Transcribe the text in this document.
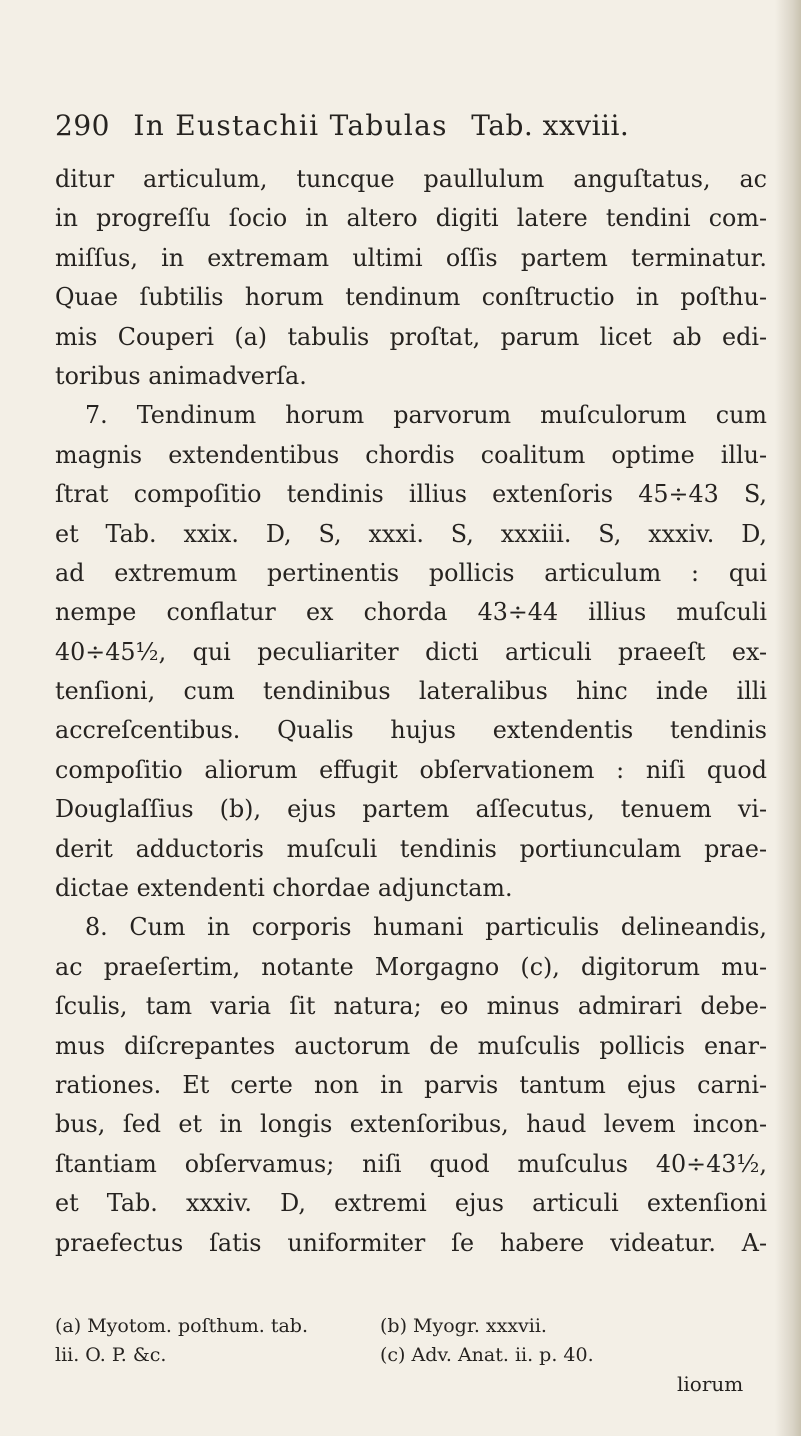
290 In Eustachii Tabulas Tab. xxviii.
ditur articulum, tuncque paullulum anguſtatus, ac
in progreſſu ſocio in altero digiti latere tendini com-
miſſus, in extremam ultimi oſſis partem terminatur.
Quae ſubtilis horum tendinum conſtructio in poſthu-
mis Couperi (a) tabulis proſtat, parum licet ab edi-
toribus animadverſa.
7. Tendinum horum parvorum muſculorum cum
magnis extendentibus chordis coalitum optime illu-
ſtrat compoſitio tendinis illius extenſoris 45÷43 S,
et Tab. xxix. D, S, xxxi. S, xxxiii. S, xxxiv. D,
ad extremum pertinentis pollicis articulum : qui
nempe conflatur ex chorda 43÷44 illius muſculi
40÷45½, qui peculiariter dicti articuli praeeſt ex-
tenſioni, cum tendinibus lateralibus hinc inde illi
accreſcentibus. Qualis hujus extendentis tendinis
compoſitio aliorum effugit obſervationem : niſi quod
Douglaſſius (b), ejus partem aſſecutus, tenuem vi-
derit adductoris muſculi tendinis portiunculam prae-
dictae extendenti chordae adjunctam.
8. Cum in corporis humani particulis delineandis,
ac praeſertim, notante Morgagno (c), digitorum mu-
ſculis, tam varia ſit natura; eo minus admirari debe-
mus diſcrepantes auctorum de muſculis pollicis enar-
rationes. Et certe non in parvis tantum ejus carni-
bus, ſed et in longis extenſoribus, haud levem incon-
ſtantiam obſervamus; niſi quod muſculus 40÷43½,
et Tab. xxxiv. D, extremi ejus articuli extenſioni
praefectus ſatis uniformiter ſe habere videatur. A-
(a) Myotom. poſthum. tab.
lii. O. P. &c.
(b) Myogr. xxxvii.
(c) Adv. Anat. ii. p. 40.
liorum
